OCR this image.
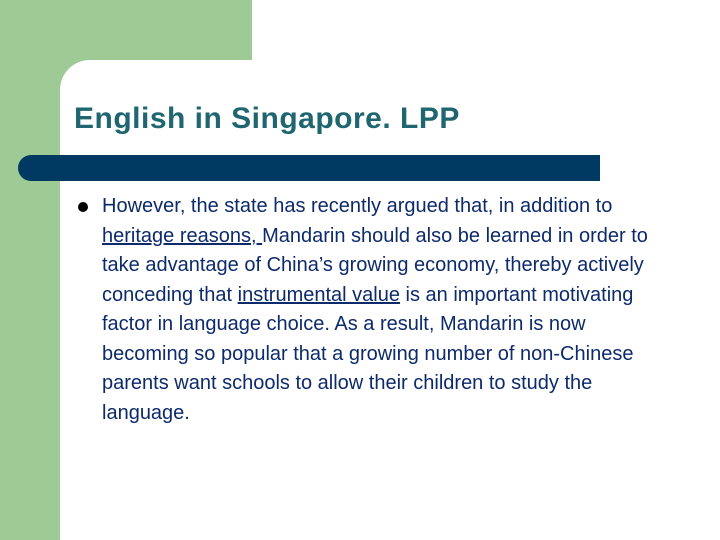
English in Singapore. LPP

However, the state has recently argued that, in addition to heritage reasons, Mandarin should also be learned in order to take advantage of China’s growing economy, thereby actively conceding that instrumental value is an important motivating factor in language choice. As a result, Mandarin is now becoming so popular that a growing number of non-Chinese parents want schools to allow their children to study the language.
